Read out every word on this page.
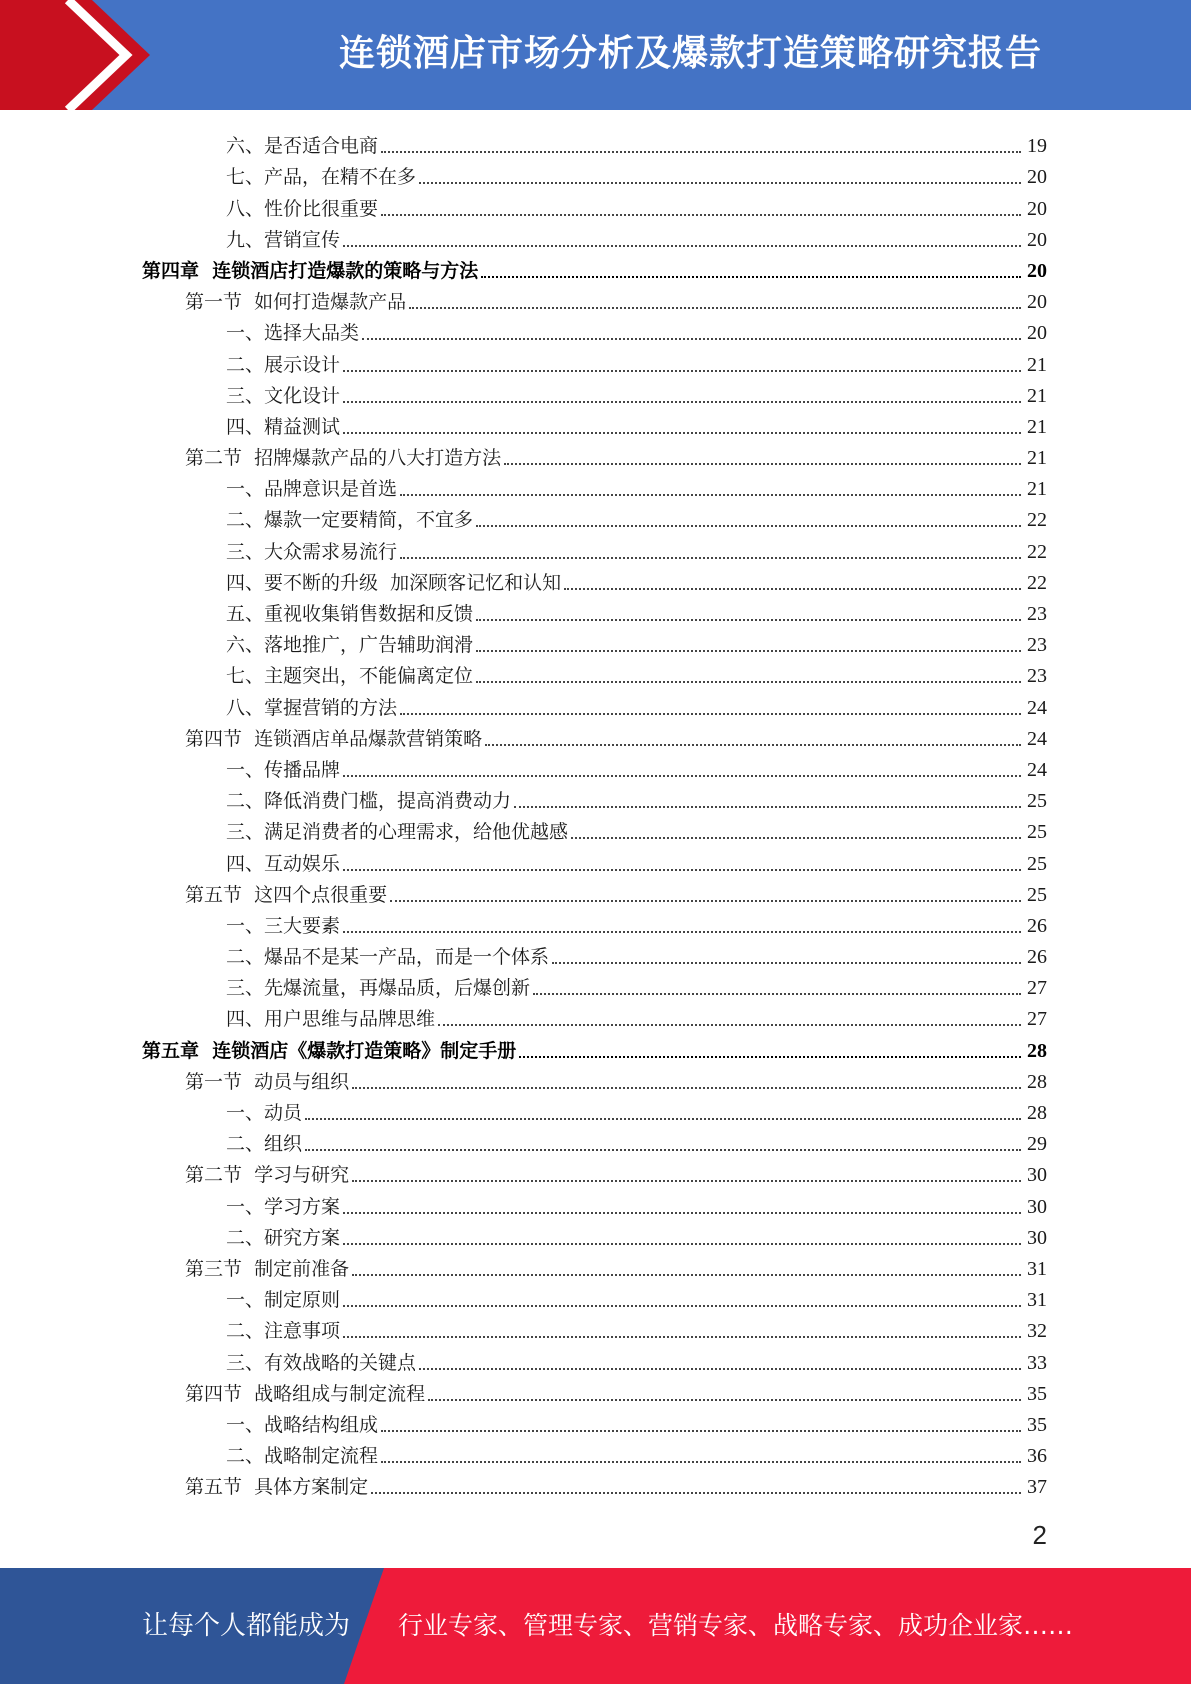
连锁酒店市场分析及爆款打造策略研究报告
六、是否适合电商	19
七、产品，在精不在多	20
八、性价比很重要	20
九、营销宣传	20
第四章  连锁酒店打造爆款的策略与方法	20
第一节  如何打造爆款产品	20
一、选择大品类	20
二、展示设计	21
三、文化设计	21
四、精益测试	21
第二节  招牌爆款产品的八大打造方法	21
一、品牌意识是首选	21
二、爆款一定要精简，不宜多	22
三、大众需求易流行	22
四、要不断的升级  加深顾客记忆和认知	22
五、重视收集销售数据和反馈	23
六、落地推广，广告辅助润滑	23
七、主题突出，不能偏离定位	23
八、掌握营销的方法	24
第四节  连锁酒店单品爆款营销策略	24
一、传播品牌	24
二、降低消费门槛，提高消费动力	25
三、满足消费者的心理需求，给他优越感	25
四、互动娱乐	25
第五节  这四个点很重要	25
一、三大要素	26
二、爆品不是某一产品，而是一个体系	26
三、先爆流量，再爆品质，后爆创新	27
四、用户思维与品牌思维	27
第五章  连锁酒店《爆款打造策略》制定手册	28
第一节  动员与组织	28
一、动员	28
二、组织	29
第二节  学习与研究	30
一、学习方案	30
二、研究方案	30
第三节  制定前准备	31
一、制定原则	31
二、注意事项	32
三、有效战略的关键点	33
第四节  战略组成与制定流程	35
一、战略结构组成	35
二、战略制定流程	36
第五节  具体方案制定	37
2
让每个人都能成为 行业专家、管理专家、营销专家、战略专家、成功企业家……
